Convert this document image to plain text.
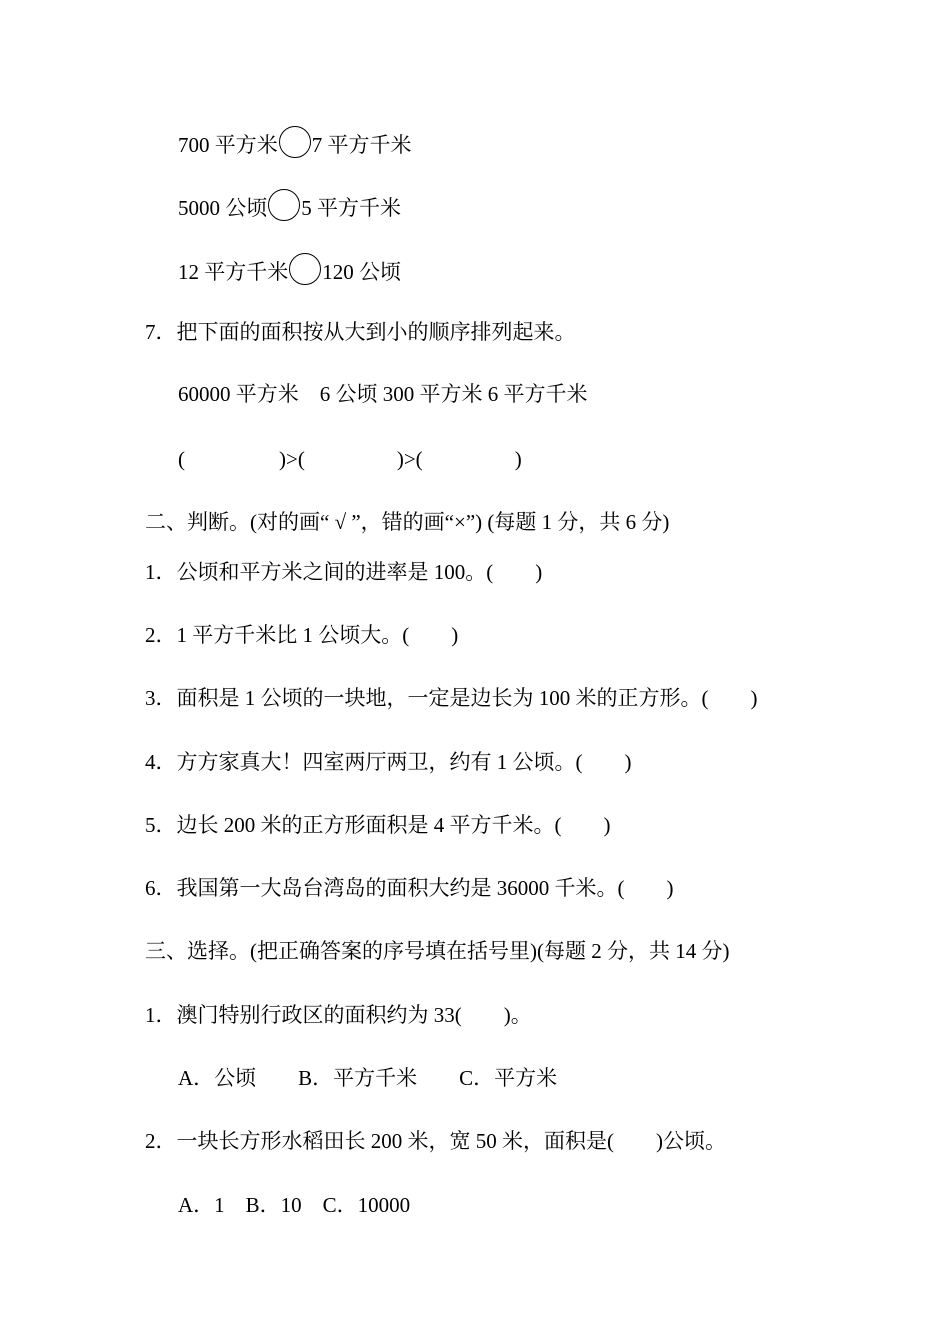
700 平方米 7 平方千米
5000 公顷 5 平方千米
12 平方千米 120 公顷
7．把下面的面积按从大到小的顺序排列起来。
60000 平方米　6 公顷 300 平方米 6 平方千米
(	)>(	)>(	)
二、判断。(对的画“ √ ”，错的画“×”) (每题 1 分，共 6 分)
1．公顷和平方米之间的进率是 100。(　　)
2．1 平方千米比 1 公顷大。(　　)
3．面积是 1 公顷的一块地，一定是边长为 100 米的正方形。(　　)
4．方方家真大！四室两厅两卫，约有 1 公顷。(　　)
5．边长 200 米的正方形面积是 4 平方千米。(　　)
6．我国第一大岛台湾岛的面积大约是 36000 千米。(　　)
三、选择。(把正确答案的序号填在括号里)(每题 2 分，共 14 分)
1．澳门特别行政区的面积约为 33(　　)。
A．公顷　　B．平方千米　　C．平方米
2．一块长方形水稻田长 200 米，宽 50 米，面积是(　　)公顷。
A．1　B．10　C．10000
